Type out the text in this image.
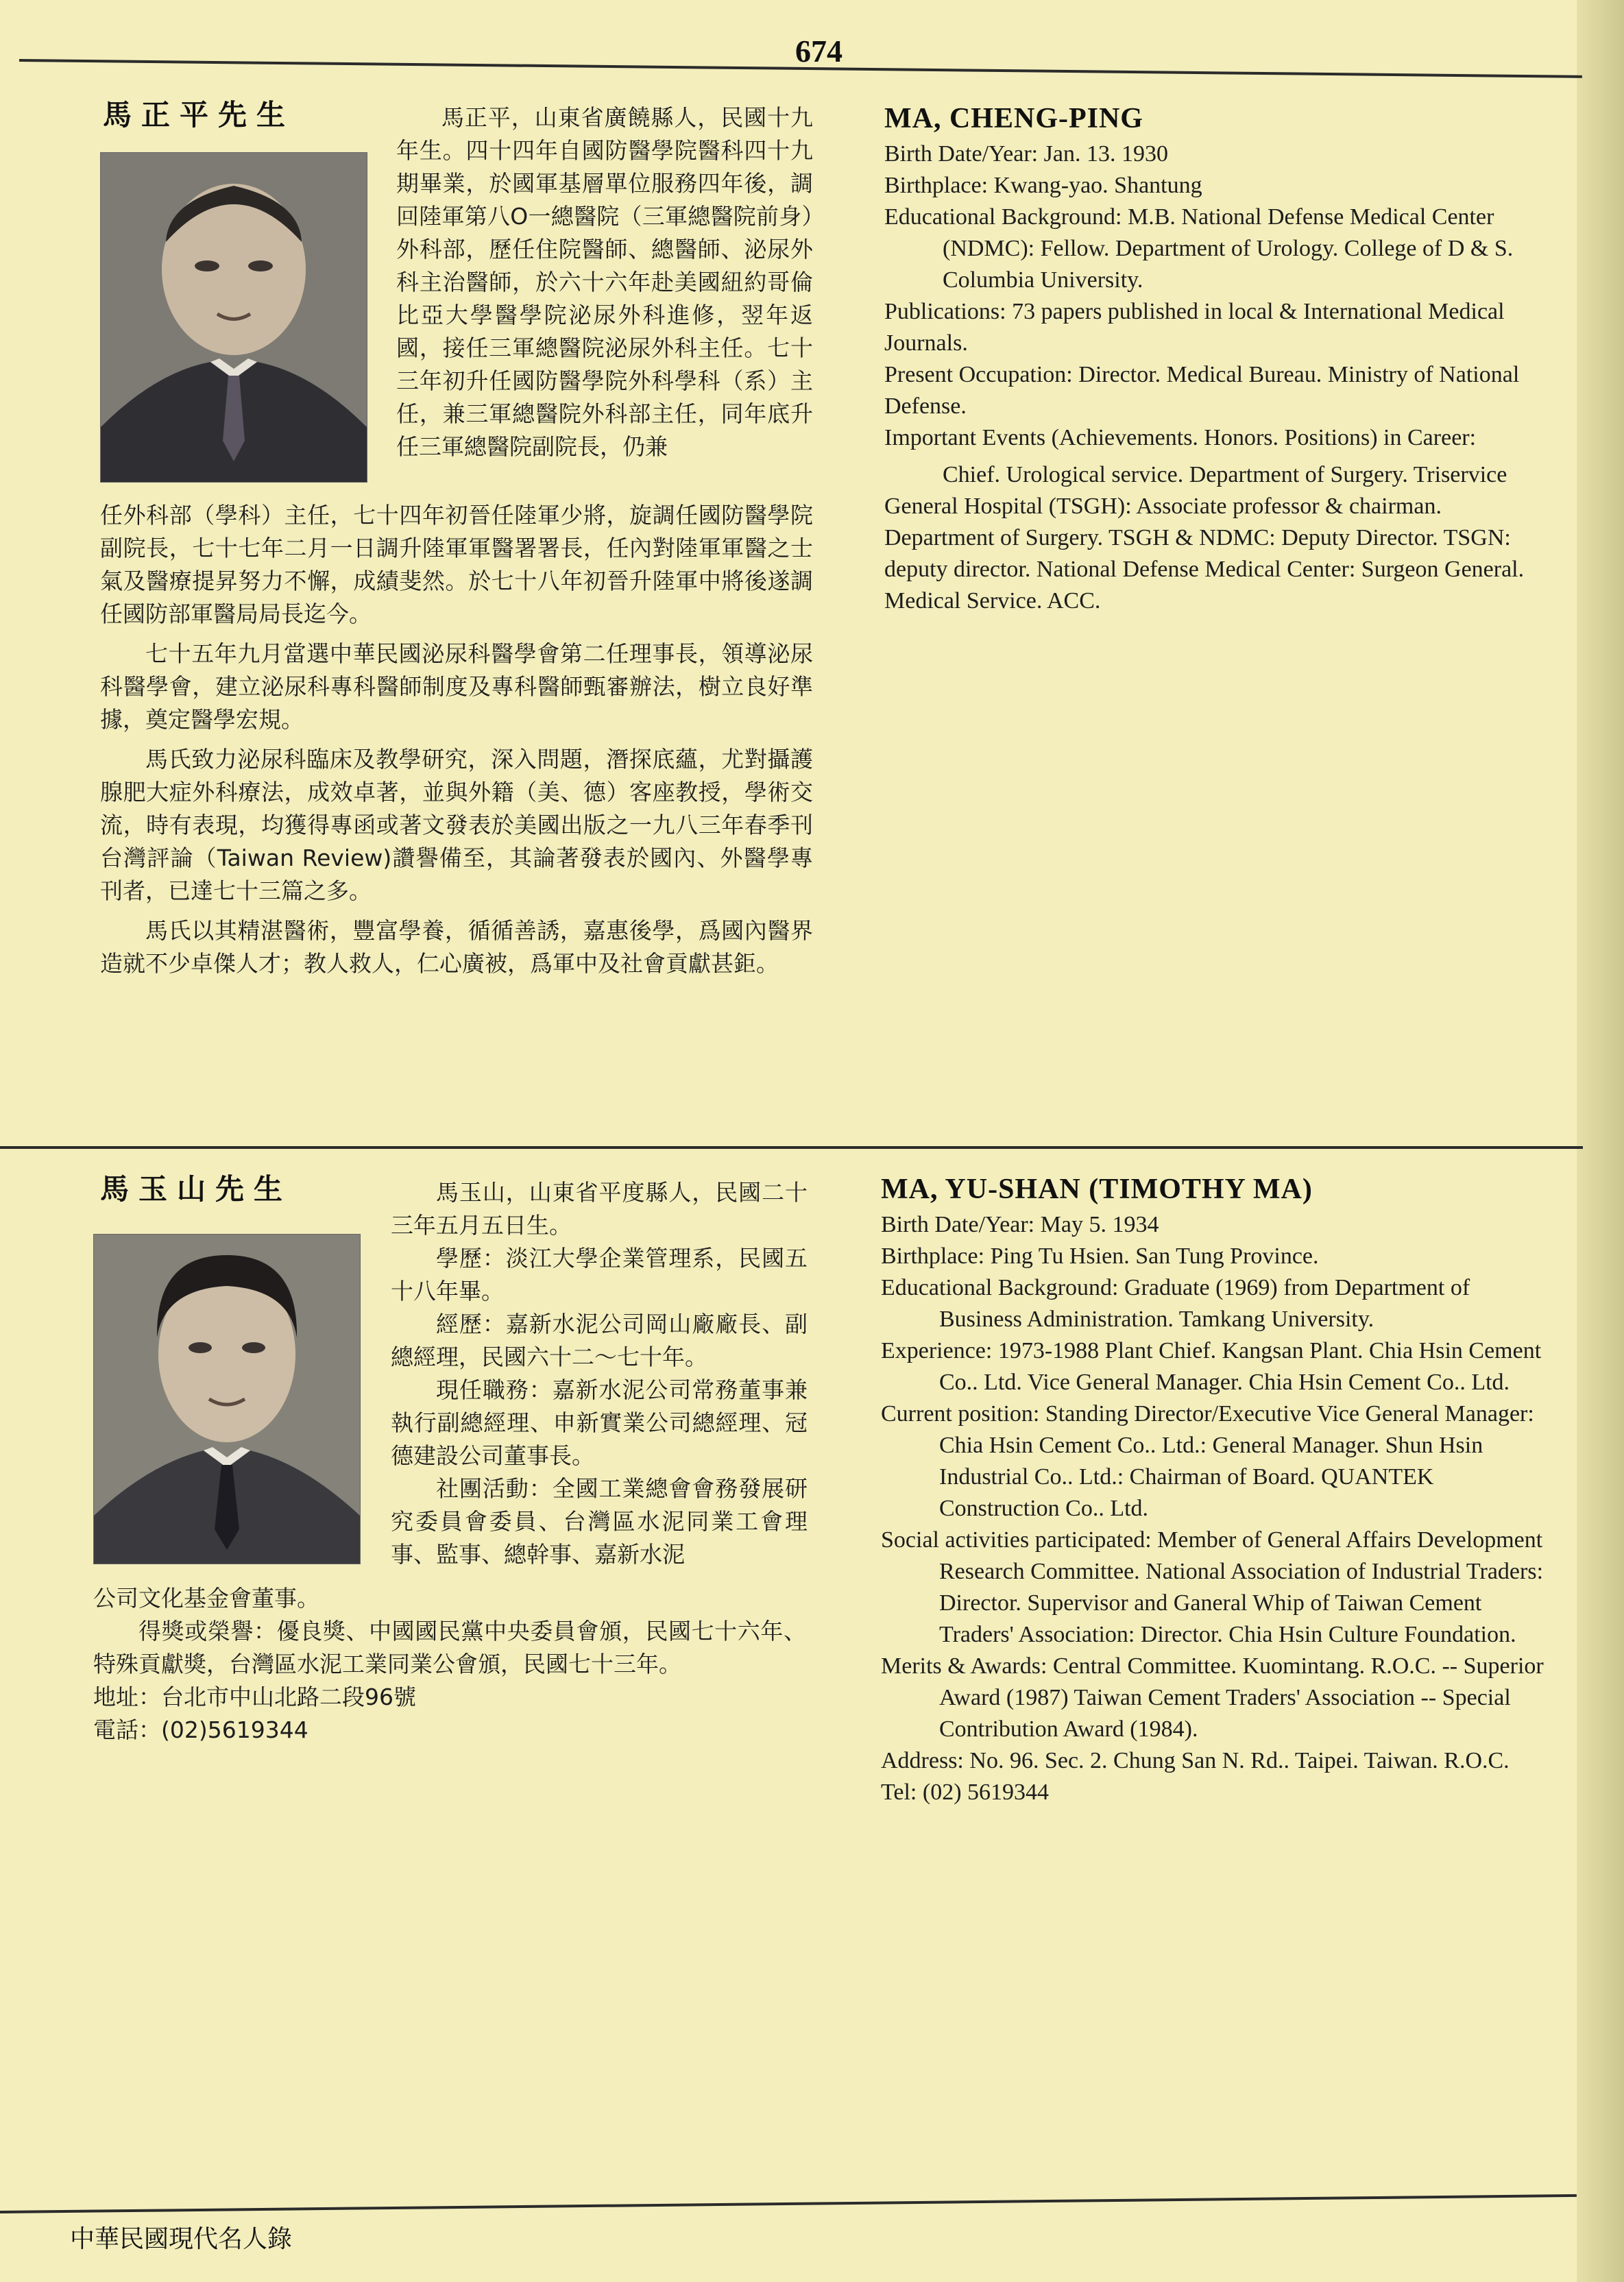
674
馬正平先生	馬正平，山東省廣饒縣人，民國十九年生。四十四年自國防醫學院醫科四十九期畢業，於國軍基層單位服務四年後，調回陸軍第八O一總醫院（三軍總醫院前身）外科部，歷任住院醫師、總醫師、泌尿外科主治醫師，於六十六年赴美國紐約哥倫比亞大學醫學院泌尿外科進修，翌年返國，接任三軍總醫院泌尿外科主任。七十三年初升任國防醫學院外科學科（系）主任，兼三軍總醫院外科部主任，同年底升任三軍總醫院副院長，仍兼

任外科部（學科）主任，七十四年初晉任陸軍少將，旋調任國防醫學院副院長，七十七年二月一日調升陸軍軍醫署署長，任內對陸軍軍醫之士氣及醫療提昇努力不懈，成績斐然。於七十八年初晉升陸軍中將後遂調任國防部軍醫局局長迄今。

七十五年九月當選中華民國泌尿科醫學會第二任理事長，領導泌尿科醫學會，建立泌尿科專科醫師制度及專科醫師甄審辦法，樹立良好準據，奠定醫學宏規。

馬氏致力泌尿科臨床及教學研究，深入問題，潛探底蘊，尤對攝護腺肥大症外科療法，成效卓著，並與外籍（美、德）客座教授，學術交流，時有表現，均獲得專函或著文發表於美國出版之一九八三年春季刊台灣評論（Taiwan Review)讚譽備至，其論著發表於國內、外醫學專刊者，已達七十三篇之多。

馬氏以其精湛醫術，豐富學養，循循善誘，嘉惠後學，爲國內醫界造就不少卓傑人才；教人救人，仁心廣被，爲軍中及社會貢獻甚鉅。

MA, CHENG-PING

Birth Date/Year: Jan. 13. 1930

Birthplace: Kwang-yao. Shantung

Educational Background: M.B. National Defense Medical Center (NDMC): Fellow. Department of Urology. College of D & S. Columbia University.

Publications: 73 papers published in local & International Medical Journals.

Present Occupation: Director. Medical Bureau. Ministry of National Defense.

Important Events (Achievements. Honors. Positions) in Career:

Chief. Urological service. Department of Surgery. Triservice General Hospital (TSGH): Associate professor & chairman. Department of Surgery. TSGH & NDMC: Deputy Director. TSGN: deputy director. National Defense Medical Center: Surgeon General. Medical Service. ACC.

馬玉山先生	馬玉山，山東省平度縣人，民國二十三年五月五日生。

學歷：淡江大學企業管理系，民國五十八年畢。

經歷：嘉新水泥公司岡山廠廠長、副總經理，民國六十二～七十年。

現任職務：嘉新水泥公司常務董事兼執行副總經理、申新實業公司總經理、冠德建設公司董事長。

社團活動：全國工業總會會務發展研究委員會委員、台灣區水泥同業工會理事、監事、總幹事、嘉新水泥

公司文化基金會董事。

得獎或榮譽：優良獎、中國國民黨中央委員會頒，民國七十六年、特殊貢獻獎，台灣區水泥工業同業公會頒，民國七十三年。

地址：台北市中山北路二段96號

電話：(02)5619344

MA, YU-SHAN (TIMOTHY MA)

Birth Date/Year: May 5. 1934

Birthplace: Ping Tu Hsien. San Tung Province.

Educational Background: Graduate (1969) from Department of Business Administration. Tamkang University.

Experience: 1973-1988 Plant Chief. Kangsan Plant. Chia Hsin Cement Co.. Ltd. Vice General Manager. Chia Hsin Cement Co.. Ltd.

Current position: Standing Director/Executive Vice General Manager: Chia Hsin Cement Co.. Ltd.: General Manager. Shun Hsin Industrial Co.. Ltd.: Chairman of Board. QUANTEK Construction Co.. Ltd.

Social activities participated: Member of General Affairs Development Research Committee. National Association of Industrial Traders: Director. Supervisor and Ganeral Whip of Taiwan Cement Traders' Association: Director. Chia Hsin Culture Foundation.

Merits & Awards: Central Committee. Kuomintang. R.O.C. -- Superior Award (1987) Taiwan Cement Traders' Association -- Special Contribution Award (1984).

Address: No. 96. Sec. 2. Chung San N. Rd.. Taipei. Taiwan. R.O.C.

Tel: (02) 5619344

中華民國現代名人錄
